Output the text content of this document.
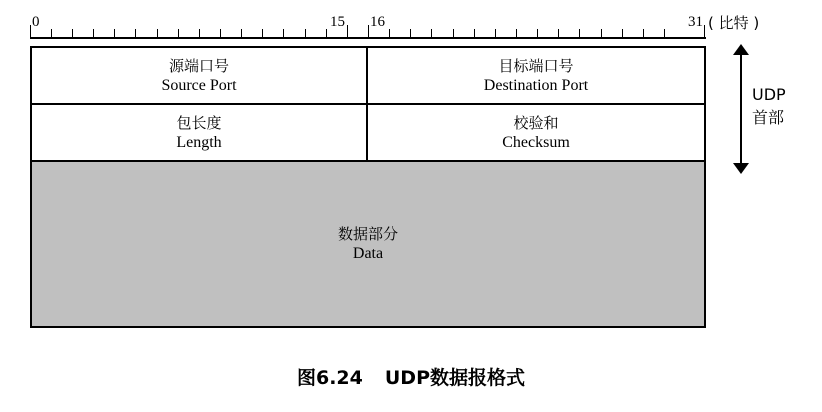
0	15 16	31 ( 比特 )
源端口号
Source Port
目标端口号
Destination Port
包长度
Length
校验和
Checksum
数据部分
Data
UDP
首部
图6.24 UDP数据报格式
